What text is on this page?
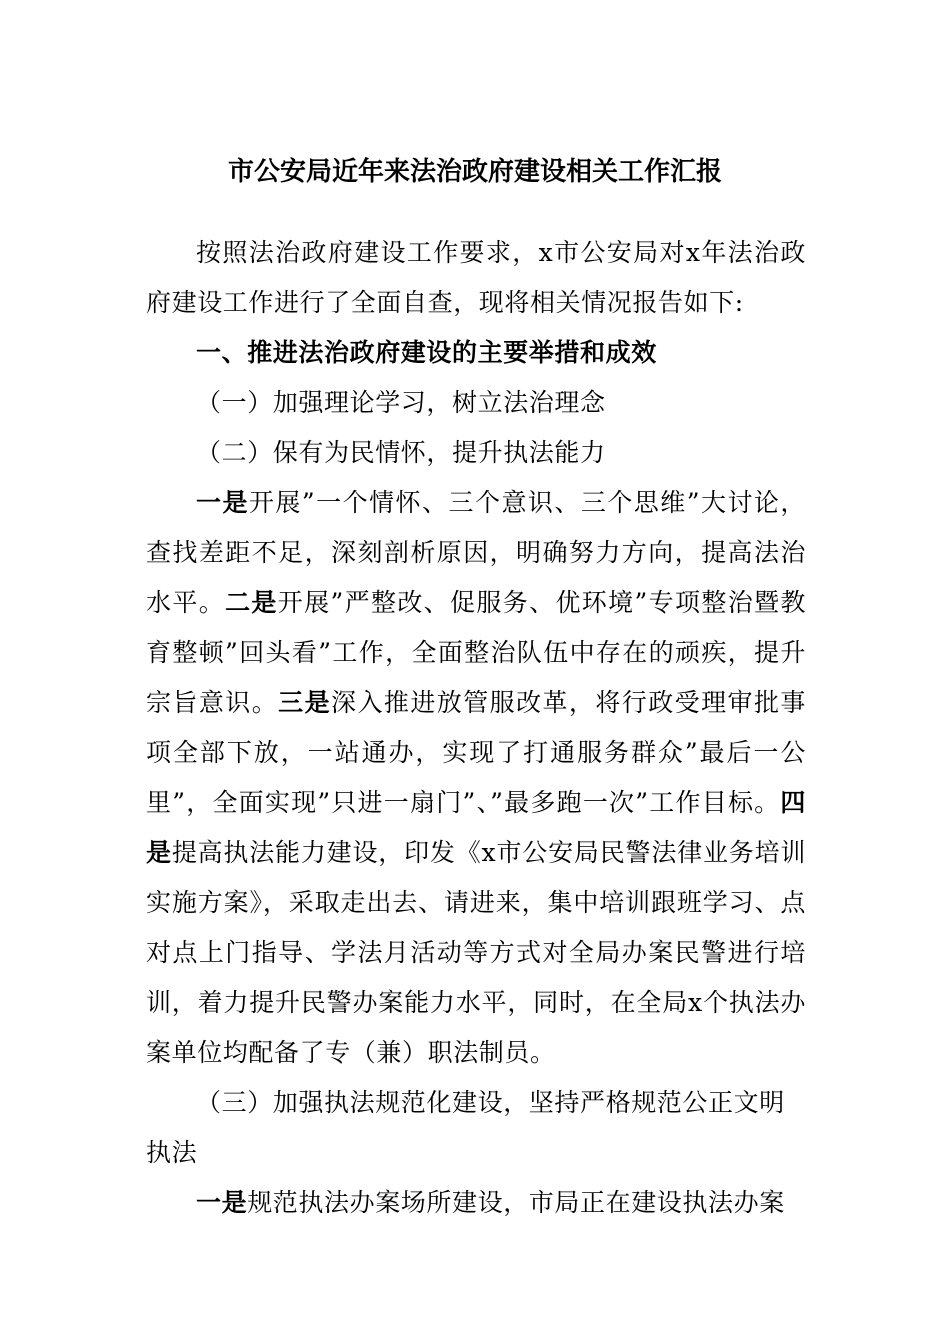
市公安局近年来法治政府建设相关工作汇报

按照法治政府建设工作要求，x市公安局对x年法治政府建设工作进行了全面自查，现将相关情况报告如下:

一、推进法治政府建设的主要举措和成效

（一）加强理论学习，树立法治理念

（二）保有为民情怀，提升执法能力

一是开展”一个情怀、三个意识、三个思维”大讨论，查找差距不足，深刻剖析原因，明确努力方向，提高法治水平。二是开展”严整改、促服务、优环境”专项整治暨教育整顿”回头看”工作，全面整治队伍中存在的顽疾，提升宗旨意识。三是深入推进放管服改革，将行政受理审批事项全部下放，一站通办，实现了打通服务群众”最后一公里”，全面实现”只进一扇门”、”最多跑一次”工作目标。四是提高执法能力建设，印发《x市公安局民警法律业务培训实施方案》，采取走出去、请进来，集中培训跟班学习、点对点上门指导、学法月活动等方式对全局办案民警进行培训，着力提升民警办案能力水平，同时，在全局x个执法办案单位均配备了专（兼）职法制员。

（三）加强执法规范化建设，坚持严格规范公正文明执法

一是规范执法办案场所建设，市局正在建设执法办案
